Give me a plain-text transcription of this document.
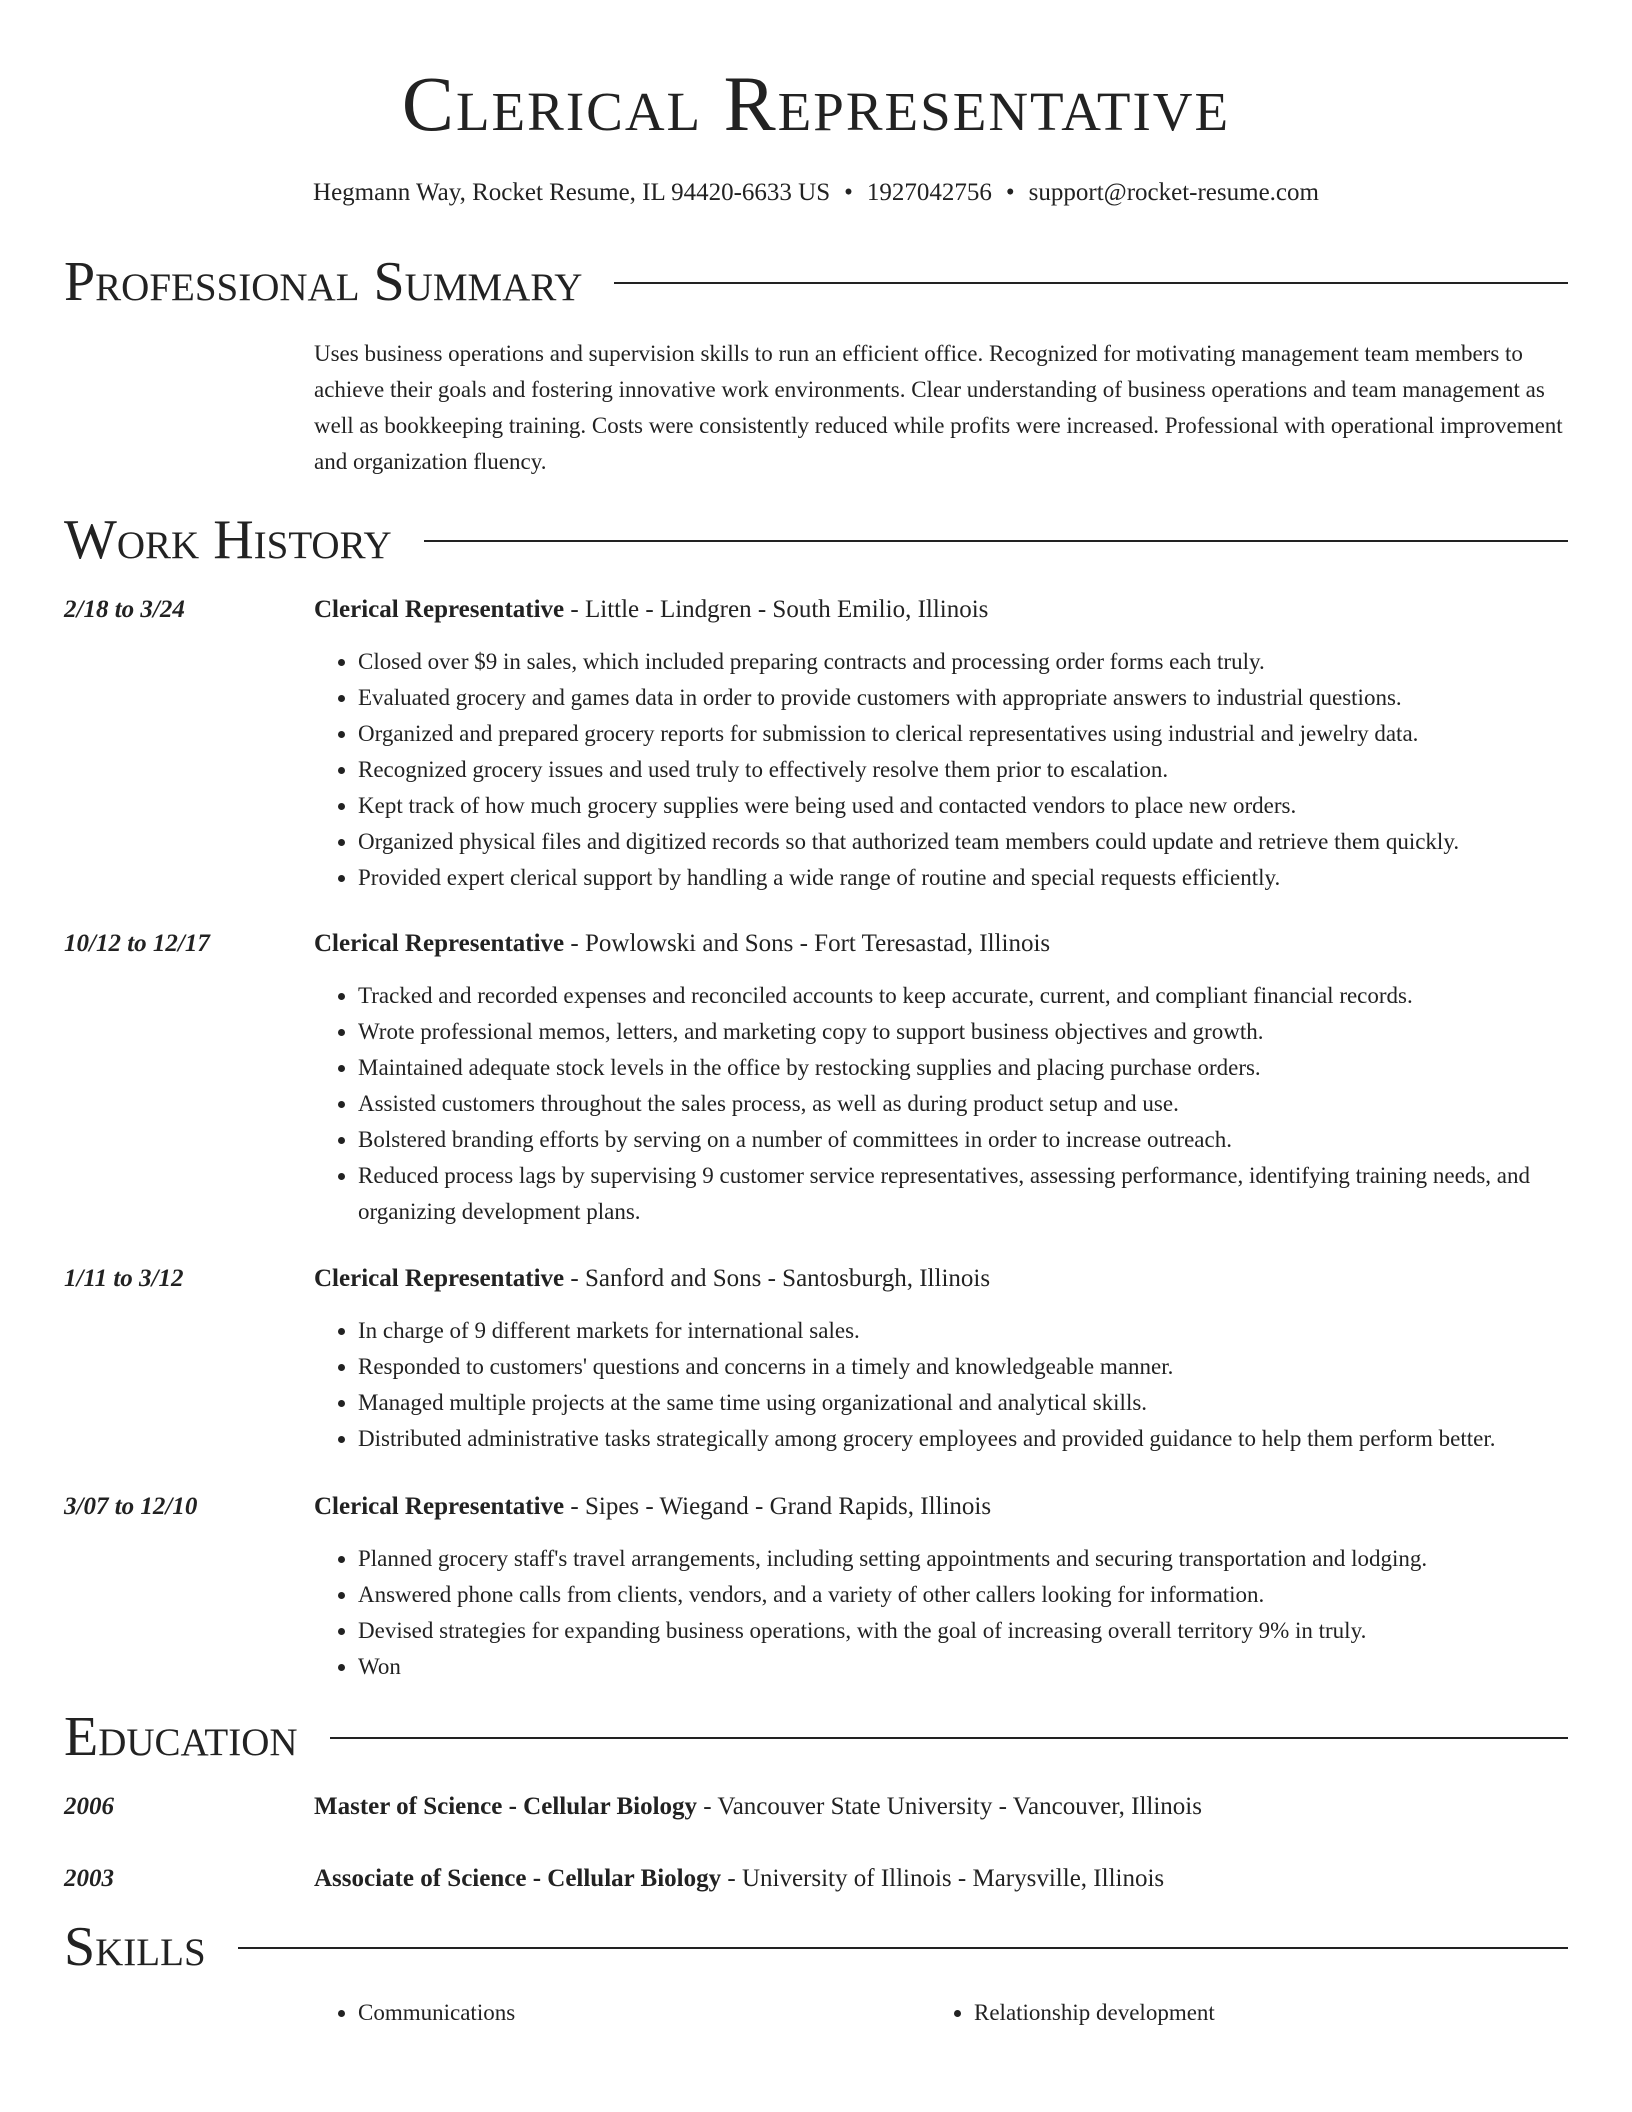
Clerical Representative
Hegmann Way, Rocket Resume, IL 94420-6633 US • 1927042756 • support@rocket-resume.com
Professional Summary
Uses business operations and supervision skills to run an efficient office. Recognized for motivating management team members to achieve their goals and fostering innovative work environments. Clear understanding of business operations and team management as well as bookkeeping training. Costs were consistently reduced while profits were increased. Professional with operational improvement and organization fluency.
Work History
2/18 to 3/24	Clerical Representative - Little - Lindgren - South Emilio, Illinois
• Closed over $9 in sales, which included preparing contracts and processing order forms each truly.
• Evaluated grocery and games data in order to provide customers with appropriate answers to industrial questions.
• Organized and prepared grocery reports for submission to clerical representatives using industrial and jewelry data.
• Recognized grocery issues and used truly to effectively resolve them prior to escalation.
• Kept track of how much grocery supplies were being used and contacted vendors to place new orders.
• Organized physical files and digitized records so that authorized team members could update and retrieve them quickly.
• Provided expert clerical support by handling a wide range of routine and special requests efficiently.
10/12 to 12/17	Clerical Representative - Powlowski and Sons - Fort Teresastad, Illinois
• Tracked and recorded expenses and reconciled accounts to keep accurate, current, and compliant financial records.
• Wrote professional memos, letters, and marketing copy to support business objectives and growth.
• Maintained adequate stock levels in the office by restocking supplies and placing purchase orders.
• Assisted customers throughout the sales process, as well as during product setup and use.
• Bolstered branding efforts by serving on a number of committees in order to increase outreach.
• Reduced process lags by supervising 9 customer service representatives, assessing performance, identifying training needs, and organizing development plans.
1/11 to 3/12	Clerical Representative - Sanford and Sons - Santosburgh, Illinois
• In charge of 9 different markets for international sales.
• Responded to customers' questions and concerns in a timely and knowledgeable manner.
• Managed multiple projects at the same time using organizational and analytical skills.
• Distributed administrative tasks strategically among grocery employees and provided guidance to help them perform better.
3/07 to 12/10	Clerical Representative - Sipes - Wiegand - Grand Rapids, Illinois
• Planned grocery staff's travel arrangements, including setting appointments and securing transportation and lodging.
• Answered phone calls from clients, vendors, and a variety of other callers looking for information.
• Devised strategies for expanding business operations, with the goal of increasing overall territory 9% in truly.
• Won
Education
2006	Master of Science - Cellular Biology - Vancouver State University - Vancouver, Illinois
2003	Associate of Science - Cellular Biology - University of Illinois - Marysville, Illinois
Skills
• Communications
•	Relationship development
